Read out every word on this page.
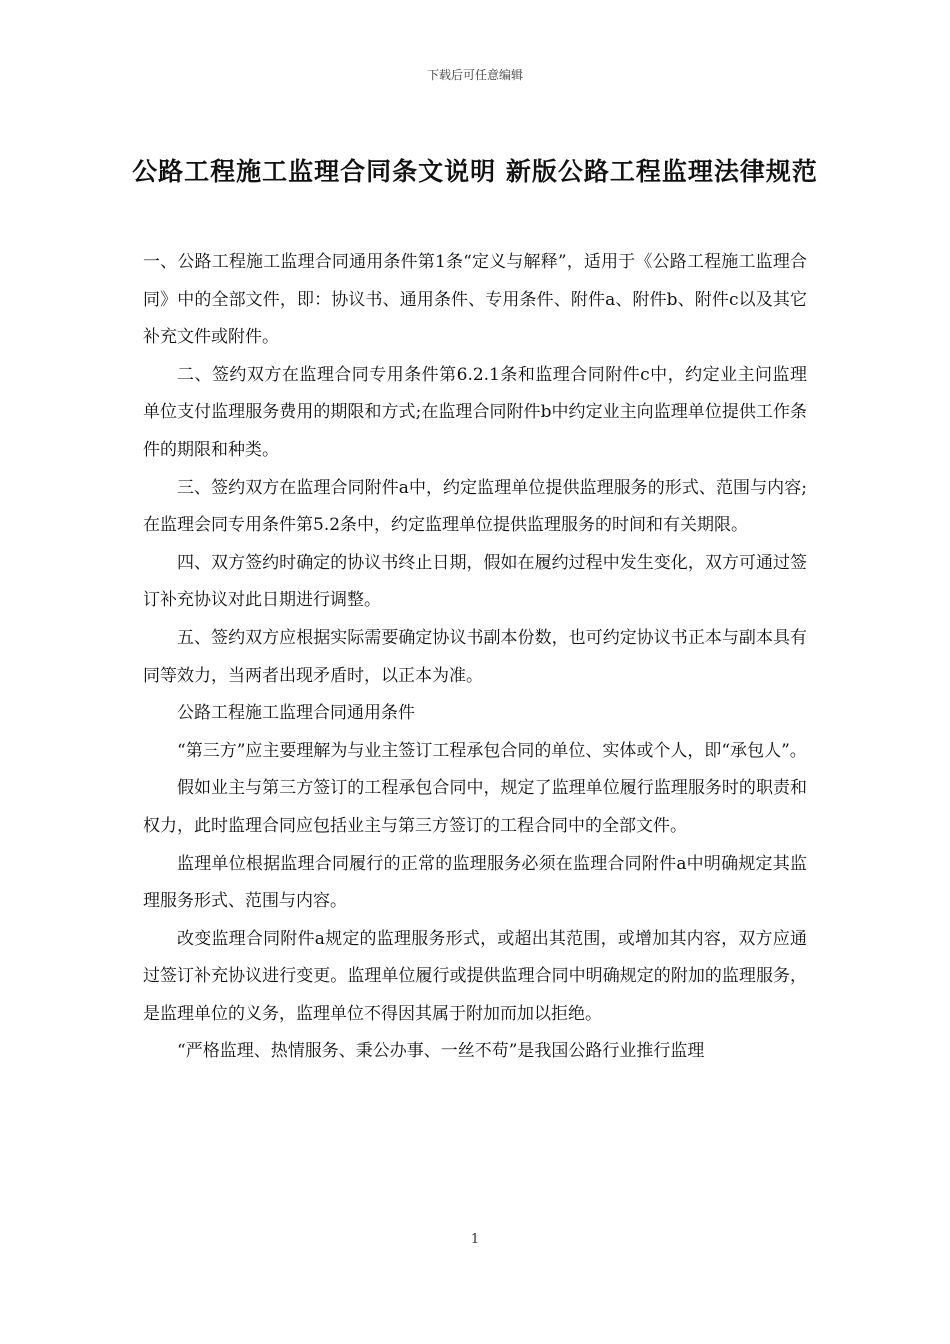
下载后可任意编辑
公路工程施工监理合同条文说明 新版公路工程监理法律规范

一、公路工程施工监理合同通用条件第1条“定义与解释”，适用于《公路工程施工监理合同》中的全部文件，即：协议书、通用条件、专用条件、附件a、附件b、附件c以及其它补充文件或附件。

二、签约双方在监理合同专用条件第6.2.1条和监理合同附件c中，约定业主问监理单位支付监理服务费用的期限和方式;在监理合同附件b中约定业主向监理单位提供工作条件的期限和种类。

三、签约双方在监理合同附件a中，约定监理单位提供监理服务的形式、范围与内容;在监理会同专用条件第5.2条中，约定监理单位提供监理服务的时间和有关期限。

四、双方签约时确定的协议书终止日期，假如在履约过程中发生变化，双方可通过签订补充协议对此日期进行调整。

五、签约双方应根据实际需要确定协议书副本份数，也可约定协议书正本与副本具有同等效力，当两者出现矛盾时，以正本为准。

公路工程施工监理合同通用条件

“第三方”应主要理解为与业主签订工程承包合同的单位、实体或个人，即“承包人”。

假如业主与第三方签订的工程承包合同中，规定了监理单位履行监理服务时的职责和权力，此时监理合同应包括业主与第三方签订的工程合同中的全部文件。

监理单位根据监理合同履行的正常的监理服务必须在监理合同附件a中明确规定其监理服务形式、范围与内容。

改变监理合同附件a规定的监理服务形式，或超出其范围，或增加其内容，双方应通过签订补充协议进行变更。监理单位履行或提供监理合同中明确规定的附加的监理服务，是监理单位的义务，监理单位不得因其属于附加而加以拒绝。

“严格监理、热情服务、秉公办事、一丝不苟”是我国公路行业推行监理

1
